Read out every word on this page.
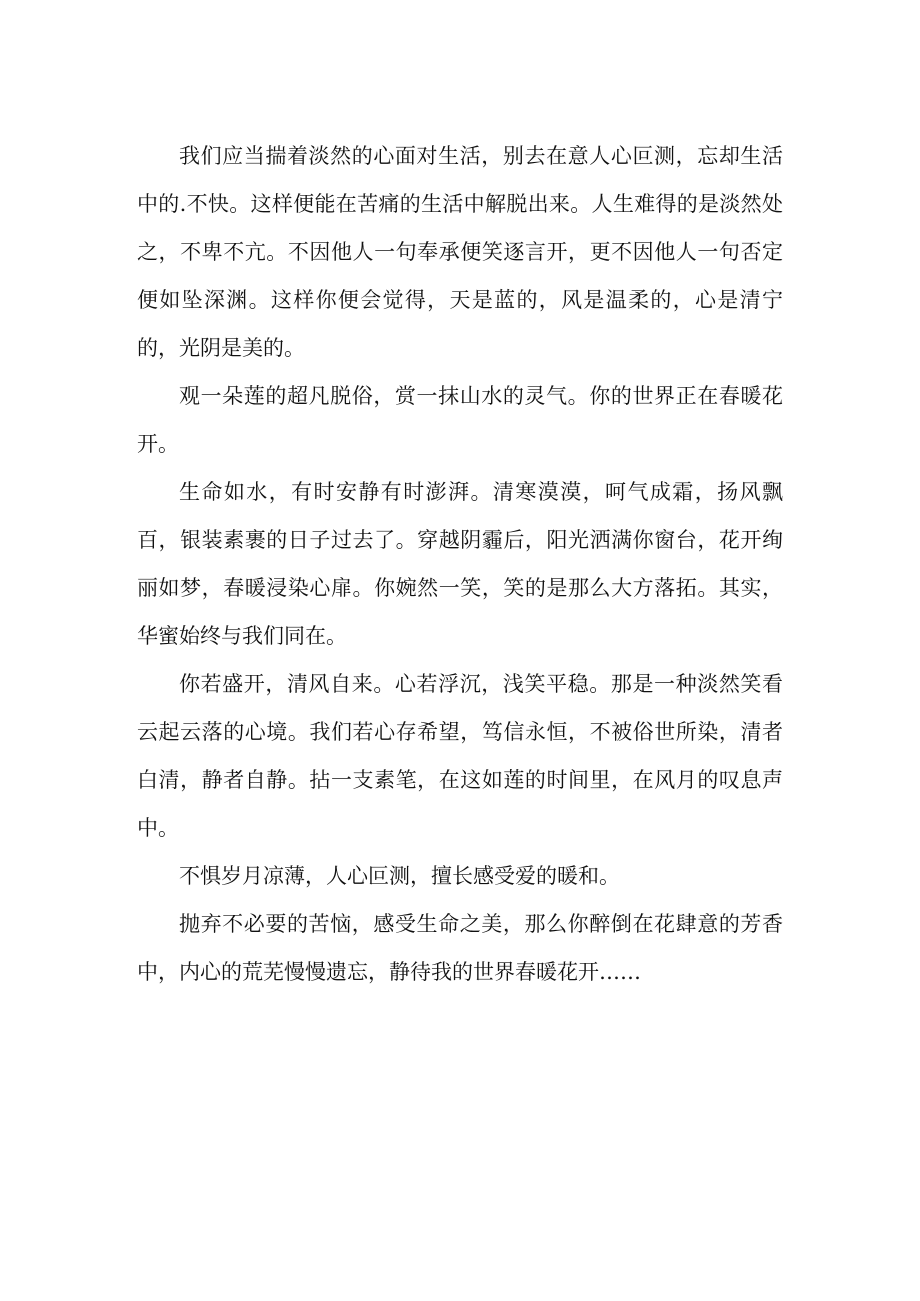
我们应当揣着淡然的心面对生活，别去在意人心叵测，忘却生活中的.不快。这样便能在苦痛的生活中解脱出来。人生难得的是淡然处之，不卑不亢。不因他人一句奉承便笑逐言开，更不因他人一句否定便如坠深渊。这样你便会觉得，天是蓝的，风是温柔的，心是清宁的，光阴是美的。

观一朵莲的超凡脱俗，赏一抹山水的灵气。你的世界正在春暖花开。

生命如水，有时安静有时澎湃。清寒漠漠，呵气成霜，扬风飘百，银装素裹的日子过去了。穿越阴霾后，阳光洒满你窗台，花开绚丽如梦，春暖浸染心扉。你婉然一笑，笑的是那么大方落拓。其实，华蜜始终与我们同在。

你若盛开，清风自来。心若浮沉，浅笑平稳。那是一种淡然笑看云起云落的心境。我们若心存希望，笃信永恒，不被俗世所染，清者白清，静者自静。拈一支素笔，在这如莲的时间里，在风月的叹息声中。

不惧岁月凉薄，人心叵测，擅长感受爱的暖和。

抛弃不必要的苦恼，感受生命之美，那么你醉倒在花肆意的芳香中，内心的荒芜慢慢遗忘，静待我的世界春暖花开……
